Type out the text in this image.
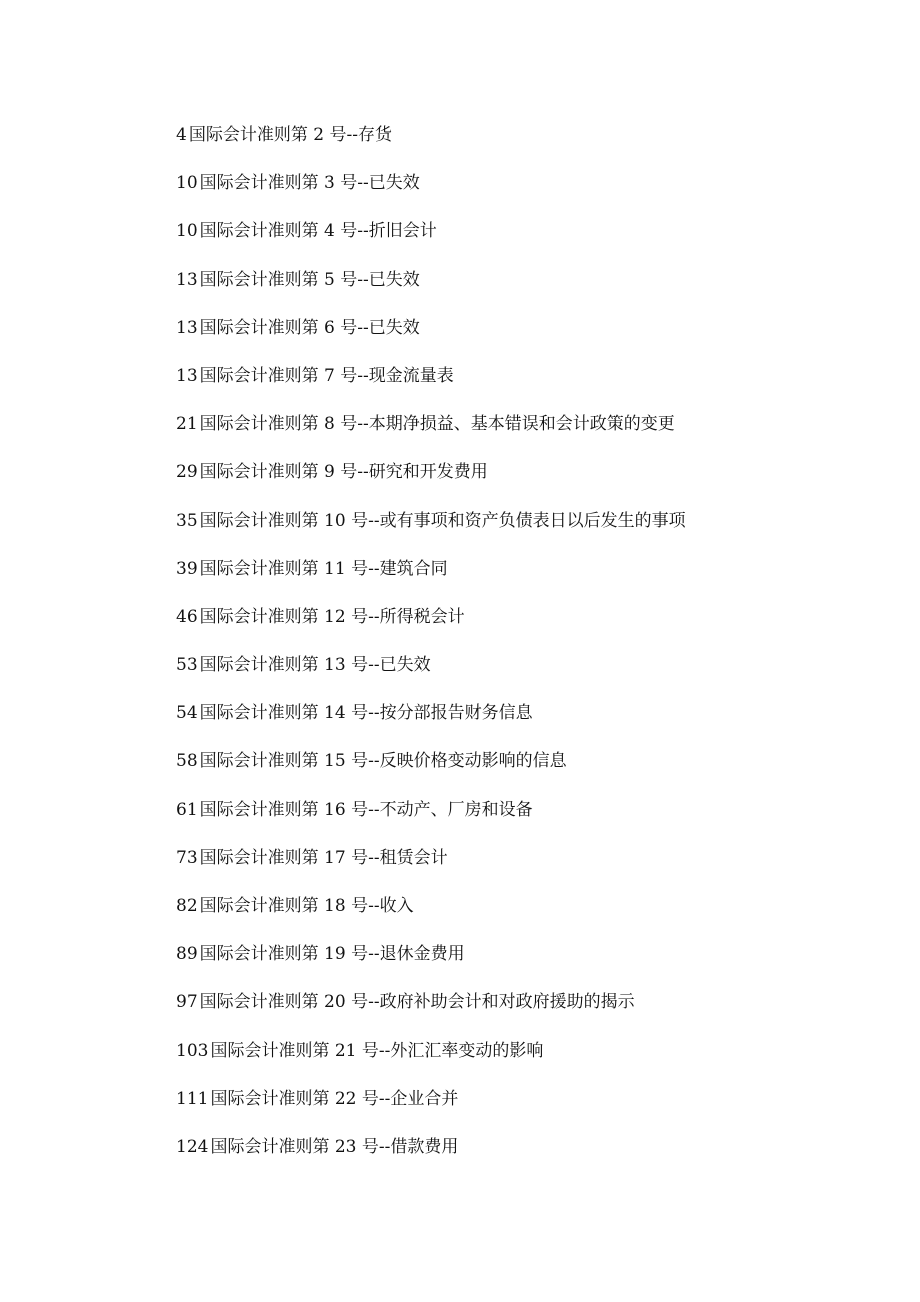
4 国际会计准则第 2 号--存货
10 国际会计准则第 3 号--已失效
10 国际会计准则第 4 号--折旧会计
13 国际会计准则第 5 号--已失效
13 国际会计准则第 6 号--已失效
13 国际会计准则第 7 号--现金流量表
21 国际会计准则第 8 号--本期净损益、基本错误和会计政策的变更
29 国际会计准则第 9 号--研究和开发费用
35 国际会计准则第 10 号--或有事项和资产负债表日以后发生的事项
39 国际会计准则第 11 号--建筑合同
46 国际会计准则第 12 号--所得税会计
53 国际会计准则第 13 号--已失效
54 国际会计准则第 14 号--按分部报告财务信息
58 国际会计准则第 15 号--反映价格变动影响的信息
61 国际会计准则第 16 号--不动产、厂房和设备
73 国际会计准则第 17 号--租赁会计
82 国际会计准则第 18 号--收入
89 国际会计准则第 19 号--退休金费用
97 国际会计准则第 20 号--政府补助会计和对政府援助的揭示
103 国际会计准则第 21 号--外汇汇率变动的影响
111 国际会计准则第 22 号--企业合并
124 国际会计准则第 23 号--借款费用
